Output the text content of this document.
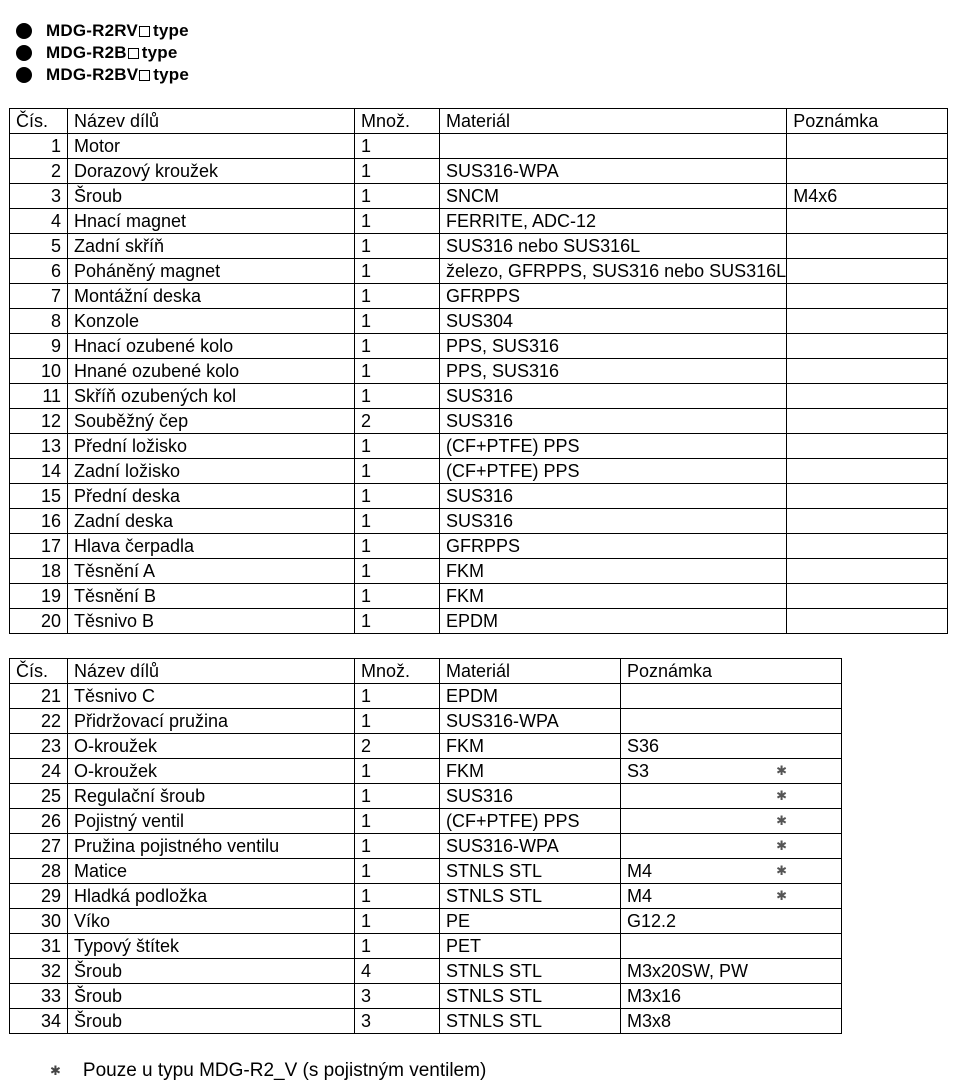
MDG-R2RV type
MDG-R2B type
MDG-R2BV type
Čís.	Název dílů	Množ.	Materiál	Poznámka
1	Motor	1		
2	Dorazový kroužek	1	SUS316-WPA	
3	Šroub	1	SNCM	M4x6
4	Hnací magnet	1	FERRITE, ADC-12	
5	Zadní skříň	1	SUS316 nebo SUS316L	
6	Poháněný magnet	1	železo, GFRPPS, SUS316 nebo SUS316L	
7	Montážní deska	1	GFRPPS	
8	Konzole	1	SUS304	
9	Hnací ozubené kolo	1	PPS, SUS316	
10	Hnané ozubené kolo	1	PPS, SUS316	
11	Skříň ozubených kol	1	SUS316	
12	Souběžný čep	2	SUS316	
13	Přední ložisko	1	(CF+PTFE) PPS	
14	Zadní ložisko	1	(CF+PTFE) PPS	
15	Přední deska	1	SUS316	
16	Zadní deska	1	SUS316	
17	Hlava čerpadla	1	GFRPPS	
18	Těsnění A	1	FKM	
19	Těsnění B	1	FKM	
20	Těsnivo B	1	EPDM	
Čís.	Název dílů	Množ.	Materiál	Poznámka
21	Těsnivo C	1	EPDM	
22	Přidržovací pružina	1	SUS316-WPA	
23	O-kroužek	2	FKM	S36
24	O-kroužek	1	FKM	S3 ✱

25	Regulační šroub	1	SUS316	✱

26	Pojistný ventil	1	(CF+PTFE) PPS	✱

27	Pružina pojistného ventilu	1	SUS316-WPA	✱

28	Matice	1	STNLS STL	M4 ✱

29	Hladká podložka	1	STNLS STL	M4 ✱

30	Víko	1	PE	G12.2
31	Typový štítek	1	PET	
32	Šroub	4	STNLS STL	M3x20SW, PW
33	Šroub	3	STNLS STL	M3x16
34	Šroub	3	STNLS STL	M3x8
✱ Pouze u typu MDG-R2_V (s pojistným ventilem)
